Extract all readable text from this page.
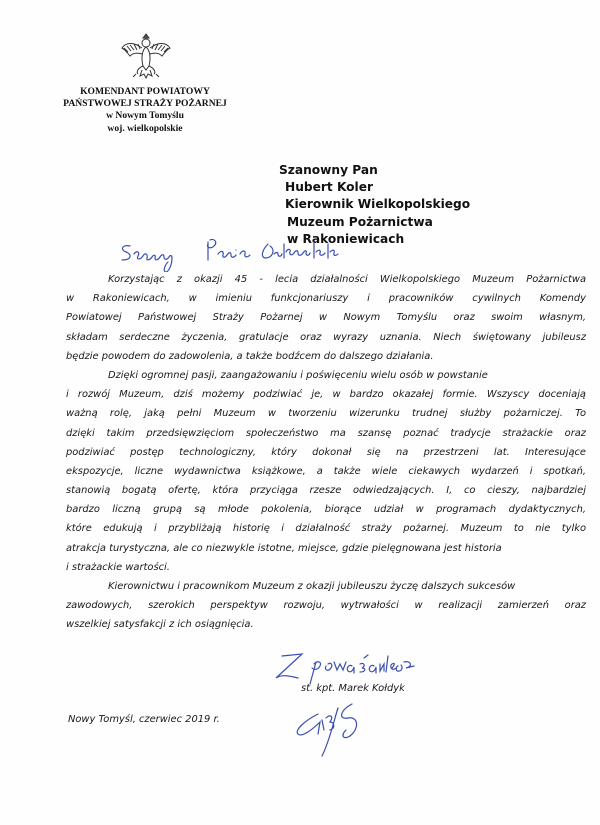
KOMENDANT POWIATOWY
PAŃSTWOWEJ STRAŻY POŻARNEJ
w Nowym Tomyślu
woj. wielkopolskie
Szanowny Pan
Hubert Koler
Kierownik Wielkopolskiego
Muzeum Pożarnictwa
w Rakoniewicach
Korzystając z okazji 45 - lecia działalności Wielkopolskiego Muzeum Pożarnictwa
w Rakoniewicach, w imieniu funkcjonariuszy i pracowników cywilnych Komendy
Powiatowej Państwowej Straży Pożarnej w Nowym Tomyślu oraz swoim własnym,
składam serdeczne życzenia, gratulacje oraz wyrazy uznania. Niech świętowany jubileusz
będzie powodem do zadowolenia, a także bodźcem do dalszego działania.
Dzięki ogromnej pasji, zaangażowaniu i poświęceniu wielu osób w powstanie
i rozwój Muzeum, dziś możemy podziwiać je, w bardzo okazałej formie. Wszyscy doceniają
ważną rolę, jaką pełni Muzeum w tworzeniu wizerunku trudnej służby pożarniczej. To
dzięki takim przedsięwzięciom społeczeństwo ma szansę poznać tradycje strażackie oraz
podziwiać postęp technologiczny, który dokonał się na przestrzeni lat. Interesujące
ekspozycje, liczne wydawnictwa książkowe, a także wiele ciekawych wydarzeń i spotkań,
stanowią bogatą ofertę, która przyciąga rzesze odwiedzających. I, co cieszy, najbardziej
bardzo liczną grupą są młode pokolenia, biorące udział w programach dydaktycznych,
które edukują i przybliżają historię i działalność straży pożarnej. Muzeum to nie tylko
atrakcja turystyczna, ale co niezwykle istotne, miejsce, gdzie pielęgnowana jest historia
i strażackie wartości.
Kierownictwu i pracownikom Muzeum z okazji jubileuszu życzę dalszych sukcesów
zawodowych, szerokich perspektyw rozwoju, wytrwałości w realizacji zamierzeń oraz
wszelkiej satysfakcji z ich osiągnięcia.
st. kpt. Marek Kołdyk
Nowy Tomyśl, czerwiec 2019 r.
